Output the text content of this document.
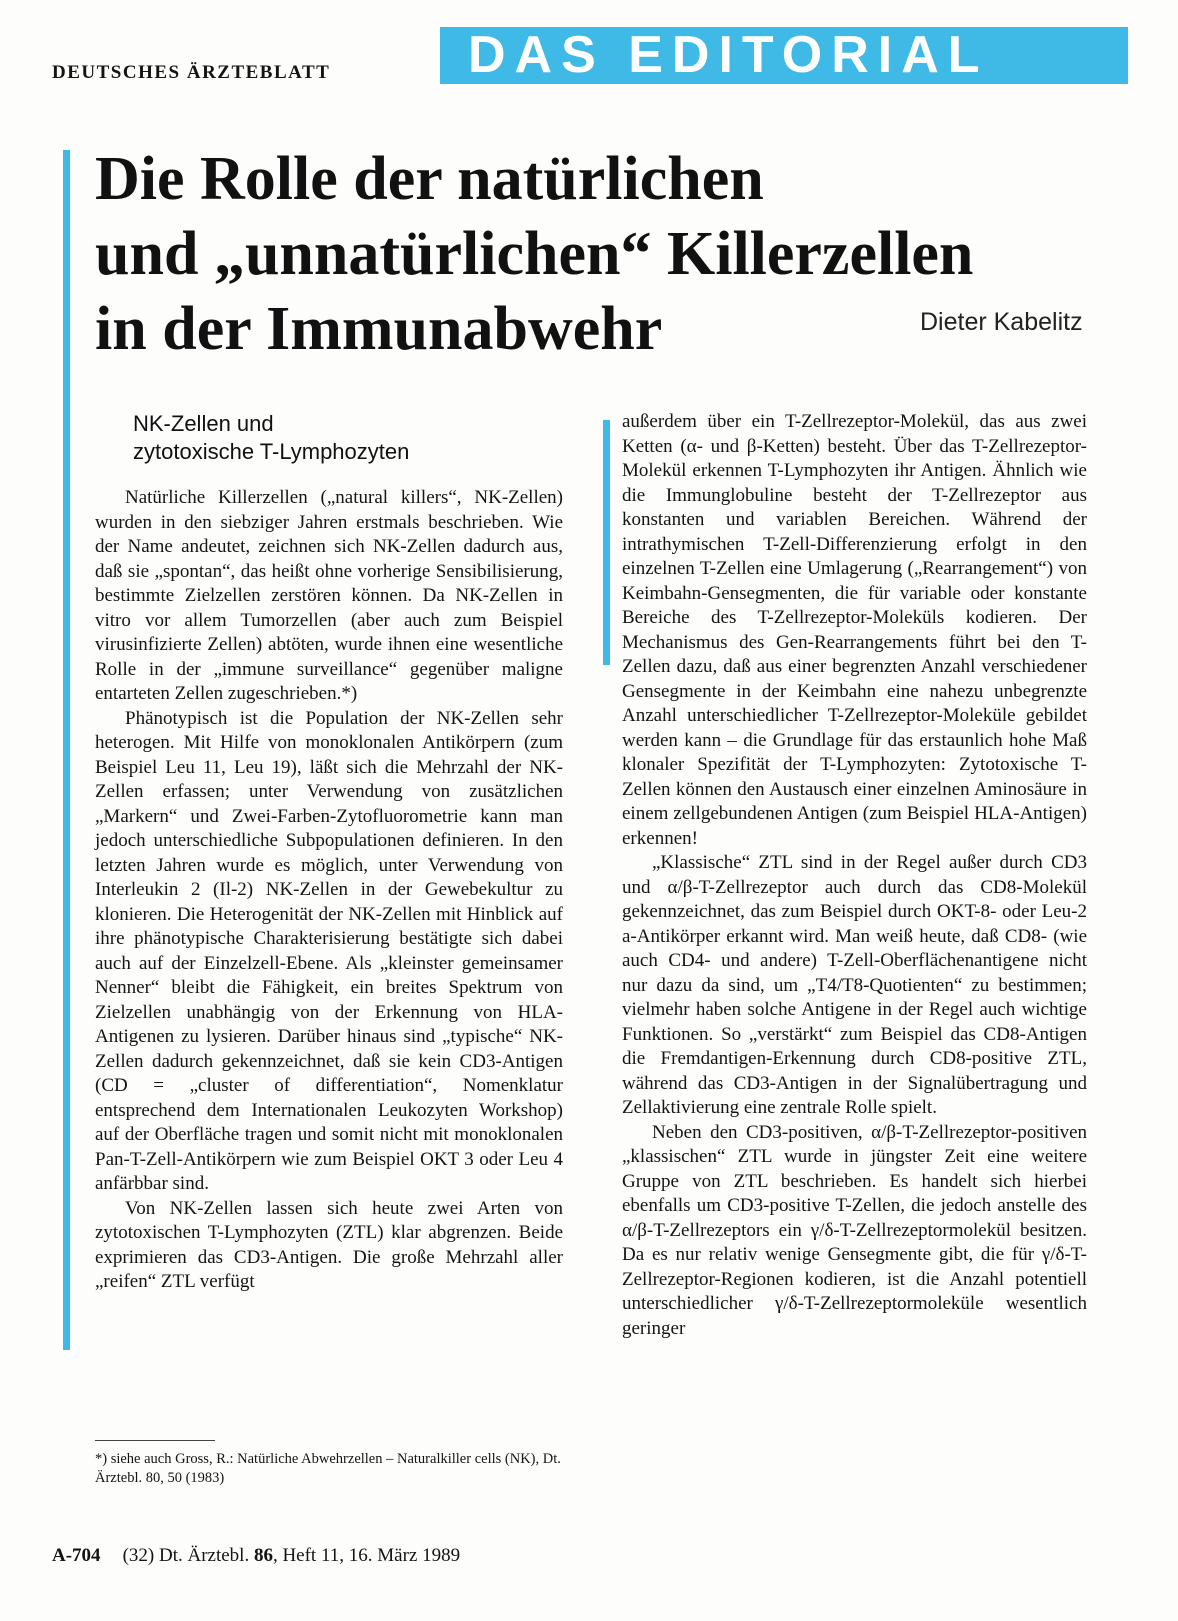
DEUTSCHES ÄRZTEBLATT	DAS EDITORIAL
Die Rolle der natürlichen
und „unnatürlichen“ Killerzellen
in der Immunabwehr	Dieter Kabelitz
NK-Zellen und
zytotoxische T-Lymphozyten

Natürliche Killerzellen („natural killers“, NK-Zellen) wurden in den siebziger Jahren erstmals beschrieben. Wie der Name andeutet, zeichnen sich NK-Zellen dadurch aus, daß sie „spontan“, das heißt ohne vorherige Sensibilisierung, bestimmte Zielzellen zerstören können. Da NK-Zellen in vitro vor allem Tumorzellen (aber auch zum Beispiel virusinfizierte Zellen) abtöten, wurde ihnen eine wesentliche Rolle in der „immune surveillance“ gegenüber maligne entarteten Zellen zugeschrieben.*)

Phänotypisch ist die Population der NK-Zellen sehr heterogen. Mit Hilfe von monoklonalen Antikörpern (zum Beispiel Leu 11, Leu 19), läßt sich die Mehrzahl der NK-Zellen erfassen; unter Verwendung von zusätzlichen „Markern“ und Zwei-Farben-Zytofluorometrie kann man jedoch unterschiedliche Subpopulationen definieren. In den letzten Jahren wurde es möglich, unter Verwendung von Interleukin 2 (Il-2) NK-Zellen in der Gewebekultur zu klonieren. Die Heterogenität der NK-Zellen mit Hinblick auf ihre phänotypische Charakterisierung bestätigte sich dabei auch auf der Einzelzell-Ebene. Als „kleinster gemeinsamer Nenner“ bleibt die Fähigkeit, ein breites Spektrum von Zielzellen unabhängig von der Erkennung von HLA-Antigenen zu lysieren. Darüber hinaus sind „typische“ NK-Zellen dadurch gekennzeichnet, daß sie kein CD3-Antigen (CD = „cluster of differentiation“, Nomenklatur entsprechend dem Internationalen Leukozyten Workshop) auf der Oberfläche tragen und somit nicht mit monoklonalen Pan-T-Zell-Antikörpern wie zum Beispiel OKT 3 oder Leu 4 anfärbbar sind.

Von NK-Zellen lassen sich heute zwei Arten von zytotoxischen T-Lymphozyten (ZTL) klar abgrenzen. Beide exprimieren das CD3-Antigen. Die große Mehrzahl aller „reifen“ ZTL verfügt

außerdem über ein T-Zellrezeptor-Molekül, das aus zwei Ketten (α- und β-Ketten) besteht. Über das T-Zellrezeptor-Molekül erkennen T-Lymphozyten ihr Antigen. Ähnlich wie die Immunglobuline besteht der T-Zellrezeptor aus konstanten und variablen Bereichen. Während der intrathymischen T-Zell-Differenzierung erfolgt in den einzelnen T-Zellen eine Umlagerung („Rearrangement“) von Keimbahn-Gensegmenten, die für variable oder konstante Bereiche des T-Zellrezeptor-Moleküls kodieren. Der Mechanismus des Gen-Rearrangements führt bei den T-Zellen dazu, daß aus einer begrenzten Anzahl verschiedener Gensegmente in der Keimbahn eine nahezu unbegrenzte Anzahl unterschiedlicher T-Zellrezeptor-Moleküle gebildet werden kann – die Grundlage für das erstaunlich hohe Maß klonaler Spezifität der T-Lymphozyten: Zytotoxische T-Zellen können den Austausch einer einzelnen Aminosäure in einem zellgebundenen Antigen (zum Beispiel HLA-Antigen) erkennen!

„Klassische“ ZTL sind in der Regel außer durch CD3 und α/β-T-Zellrezeptor auch durch das CD8-Molekül gekennzeichnet, das zum Beispiel durch OKT-8- oder Leu-2 a-Antikörper erkannt wird. Man weiß heute, daß CD8- (wie auch CD4- und andere) T-Zell-Oberflächenantigene nicht nur dazu da sind, um „T4/T8-Quotienten“ zu bestimmen; vielmehr haben solche Antigene in der Regel auch wichtige Funktionen. So „verstärkt“ zum Beispiel das CD8-Antigen die Fremdantigen-Erkennung durch CD8-positive ZTL, während das CD3-Antigen in der Signalübertragung und Zellaktivierung eine zentrale Rolle spielt.

Neben den CD3-positiven, α/β-T-Zellrezeptor-positiven „klassischen“ ZTL wurde in jüngster Zeit eine weitere Gruppe von ZTL beschrieben. Es handelt sich hierbei ebenfalls um CD3-positive T-Zellen, die jedoch anstelle des α/β-T-Zellrezeptors ein γ/δ-T-Zellrezeptormolekül besitzen. Da es nur relativ wenige Gensegmente gibt, die für γ/δ-T-Zellrezeptor-Regionen kodieren, ist die Anzahl potentiell unterschiedlicher γ/δ-T-Zellrezeptormoleküle wesentlich geringer

*) siehe auch Gross, R.: Natürliche Abwehrzellen – Naturalkiller cells (NK), Dt. Ärztebl. 80, 50 (1983)
A-704 (32) Dt. Ärztebl. 86, Heft 11, 16. März 1989
